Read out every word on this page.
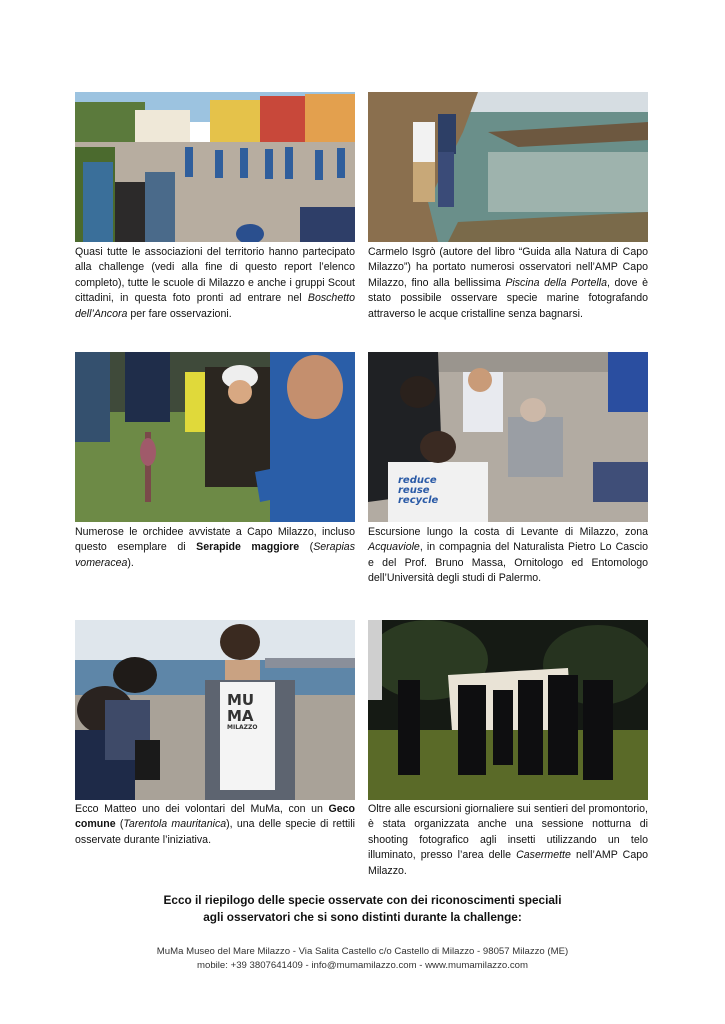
Quasi tutte le associazioni del territorio hanno partecipato alla challenge (vedi alla fine di questo report l’elenco completo), tutte le scuole di Milazzo e anche i gruppi Scout cittadini, in questa foto pronti ad entrare nel Boschetto dell’Ancora per fare osservazioni.

Carmelo Isgrò (autore del libro “Guida alla Natura di Capo Milazzo”) ha portato numerosi osservatori nell’AMP Capo Milazzo, fino alla bellissima Piscina della Portella, dove è stato possibile osservare specie marine fotografando attraverso le acque cristalline senza bagnarsi.

reduce
reuse
recycle

Numerose le orchidee avvistate a Capo Milazzo, incluso questo esemplare di Serapide maggiore (Serapias vomeracea).

Escursione lungo la costa di Levante di Milazzo, zona Acquaviole, in compagnia del Naturalista Pietro Lo Cascio e del Prof. Bruno Massa, Ornitologo ed Entomologo dell’Università degli studi di Palermo.

MU
MA
MILAZZO

Ecco Matteo uno dei volontari del MuMa, con un Geco comune (Tarentola mauritanica), una delle specie di rettili osservate durante l’iniziativa.

Oltre alle escursioni giornaliere sui sentieri del promontorio, è stata organizzata anche una sessione notturna di shooting fotografico agli insetti utilizzando un telo illuminato, presso l’area delle Casermette nell’AMP Capo Milazzo.

Ecco il riepilogo delle specie osservate con dei riconoscimenti speciali
agli osservatori che si sono distinti durante la challenge:
MuMa Museo del Mare Milazzo - Via Salita Castello c/o Castello di Milazzo - 98057 Milazzo (ME)
mobile: +39 3807641409 - info@mumamilazzo.com - www.mumamilazzo.com
